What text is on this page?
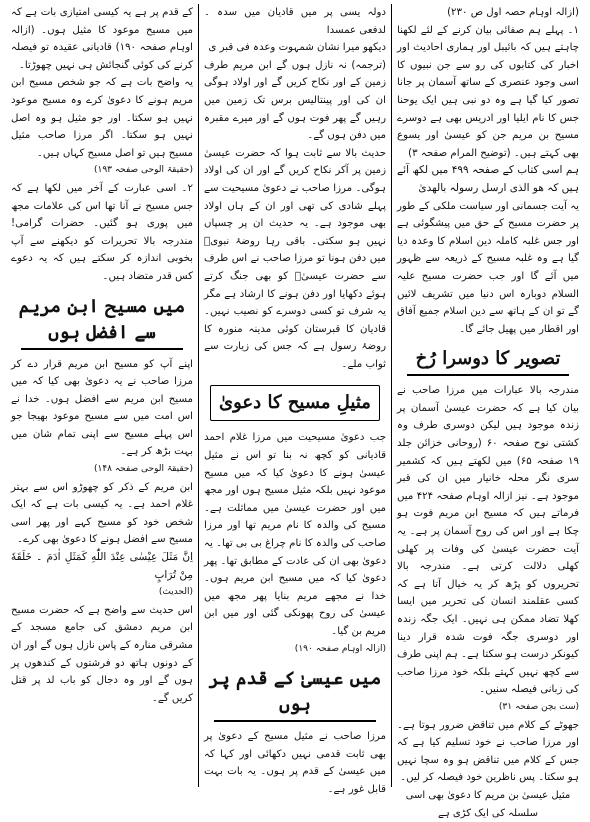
(ازالہ اوہام حصہ اول ص ۲۳۰)

۱۔ پہلے ہم صفائی بیان کرنے کے لئے لکھنا چاہتے ہیں کہ بائیبل اور ہماری احادیث اور اخبار کی کتابوں کی رو سے جن نبیوں کا اسی وجود عنصری کے ساتھ آسمان پر جانا تصور کیا گیا ہے وہ دو نبی ہیں ایک یوحنا جس کا نام ایلیا اور ادریس بھی ہے دوسرے مسیح بن مریم جن کو عیسیٰ اور یسوع بھی کہتے ہیں۔ (توضیح المرام صفحہ ۳)

ہم اسی کتاب کے صفحہ ۴۹۹ میں لکھ آئے ہیں کہ ھو الذی ارسل رسولہ بالھدیٰ

یہ آیت جسمانی اور سیاست ملکی کے طور پر حضرت مسیح کے حق میں پیشگوئی ہے اور جس غلبہ کاملہ دین اسلام کا وعدہ دیا گیا ہے وہ غلبہ مسیح کے ذریعہ سے ظہور میں آئے گا اور جب حضرت مسیح علیہ السلام دوبارہ اس دنیا میں تشریف لائیں گے تو ان کے ہاتھ سے دین اسلام جمیع آفاق اور اقطار میں پھیل جائے گا۔

تصویر کا دوسرا رُخ

مندرجہ بالا عبارات میں مرزا صاحب نے بیان کیا ہے کہ حضرت عیسیٰ آسمان پر زندہ موجود ہیں لیکن دوسری طرف وہ کشتی نوح صفحہ ۶۰ (روحانی خزائن جلد ۱۹ صفحہ ۶۵) میں لکھتے ہیں کہ کشمیر سری نگر محلہ خانیار میں ان کی قبر موجود ہے۔ نیز ازالہ اوہام صفحہ ۴۲۴ میں فرماتے ہیں کہ مسیح ابن مریم فوت ہو چکا ہے اور اس کی روح آسمان پر ہے۔ یہ آیت حضرت عیسیٰ کی وفات پر کھلی کھلی دلالت کرتی ہے۔ مندرجہ بالا تحریروں کو پڑھ کر یہ خیال آتا ہے کہ کسی عقلمند انسان کی تحریر میں ایسا کھلا تضاد ممکن ہی نہیں۔ ایک جگہ زندہ اور دوسری جگہ فوت شدہ قرار دینا کیونکر درست ہو سکتا ہے۔ ہم اپنی طرف سے کچھ نہیں کہتے بلکہ خود مرزا صاحب کی زبانی فیصلہ سنیں۔

(ست بچن صفحہ ۳۱)

جھوٹے کے کلام میں تناقض ضرور ہوتا ہے۔ اور مرزا صاحب نے خود تسلیم کیا ہے کہ جس کے کلام میں تناقض ہو وہ سچا نہیں ہو سکتا۔ پس ناظرین خود فیصلہ کر لیں۔

مثیل عیسیٰ بن مریم کا دعویٰ بھی اسی سلسلہ کی ایک کڑی ہے

دولہ یسی پر میں قادیان میں سدہ ۔ لدفعی عمسدا

دیکھو میرا نشان شمہوت وعدہ فی قبر ی

(ترجمہ) نہ نازل ہوں گے ابن مریم طرف زمین کے اور نکاح کریں گے اور اولاد ہوگی ان کی اور پینتالیس برس تک زمین میں رہیں گے پھر فوت ہوں گے اور میرے مقبرہ میں دفن ہوں گے۔

حدیث بالا سے ثابت ہوا کہ حضرت عیسیٰ زمین پر آکر نکاح کریں گے اور ان کی اولاد ہوگی۔ مرزا صاحب نے دعویٰ مسیحیت سے پہلے شادی کی تھی اور ان کے ہاں اولاد بھی موجود ہے۔ یہ حدیث ان پر چسپاں نہیں ہو سکتی۔ باقی رہا روضۂ نبویؐ میں دفن ہونا تو مرزا صاحب نے اس طرف سے حضرت عیسیٰؑ کو بھی جنگ کرتے ہوئے دکھایا اور دفن ہونے کا ارشاد ہے مگر یہ شرف تو کسی دوسرے کو نصیب نہیں۔ قادیان کا قبرستان کوئی مدینہ منورہ کا روضۂ رسول ہے کہ جس کی زیارت سے ثواب ملے۔

مثیلِ مسیح کا دعویٰ

جب دعویٰ مسیحیت میں مرزا غلام احمد قادیانی کو کچھ نہ بنا تو اس نے مثیل عیسیٰ ہونے کا دعویٰ کیا کہ میں مسیح موعود نہیں بلکہ مثیل مسیح ہوں اور مجھ میں اور حضرت عیسیٰ میں مماثلت ہے۔ مسیح کی والدہ کا نام مریم تھا اور مرزا صاحب کی والدہ کا نام چراغ بی بی تھا۔ یہ دعویٰ بھی ان کی عادت کے مطابق تھا۔ پھر دعویٰ کیا کہ میں مسیح ابن مریم ہوں۔ خدا نے مجھے مریم بنایا پھر مجھ میں عیسیٰ کی روح پھونکی گئی اور میں ابن مریم بن گیا۔

(ازالہ اوہام صفحہ ۱۹۰)

میں عیسیٰ کے قدم پر ہوں

مرزا صاحب نے مثیل مسیح کے دعویٰ پر بھی ثابت قدمی نہیں دکھائی اور کہا کہ میں عیسیٰ کے قدم پر ہوں۔ یہ بات بہت قابل غور ہے۔

کے قدم پر ہے یہ کیسی امتیازی بات ہے کہ میں مسیح موعود کا مثیل ہوں۔ (ازالہ اوہام صفحہ ۱۹۰) قادیانی عقیدہ تو فیصلہ کرنے کی کوئی گنجائش ہی نہیں چھوڑتا۔

یہ واضح بات ہے کہ جو شخص مسیح ابن مریم ہونے کا دعویٰ کرے وہ مسیح موعود نہیں ہو سکتا۔ اور جو مثیل ہو وہ اصل نہیں ہو سکتا۔ اگر مرزا صاحب مثیل مسیح ہیں تو اصل مسیح کہاں ہیں۔

(حقیقۃ الوحی صفحہ ۱۹۳)

۲۔ اسی عبارت کے آخر میں لکھا ہے کہ جس مسیح نے آنا تھا اس کی علامات مجھ میں پوری ہو گئیں۔ حضرات گرامی! مندرجہ بالا تحریرات کو دیکھنے سے آپ بخوبی اندازہ کر سکتے ہیں کہ یہ دعوے کس قدر متضاد ہیں۔

میں مسیح ابن مریم سے افضل ہوں

اپنے آپ کو مسیح ابن مریم قرار دے کر مرزا صاحب نے یہ دعویٰ بھی کیا کہ میں مسیح ابن مریم سے افضل ہوں۔ خدا نے اس امت میں سے مسیح موعود بھیجا جو اس پہلے مسیح سے اپنی تمام شان میں بہت بڑھ کر ہے۔

(حقیقۃ الوحی صفحہ ۱۴۸)

ابن مریم کے ذکر کو چھوڑو اس سے بہتر غلام احمد ہے۔ یہ کیسی بات ہے کہ ایک شخص خود کو مسیح کہے اور پھر اسی مسیح سے افضل ہونے کا دعویٰ بھی کرے۔

اِنَّ مَثَلَ عِيْسٰى عِنْدَ اللّٰهِ كَمَثَلِ اٰدَمَ ۔ خَلَقَهٗ مِنْ تُرَابٍ

(الحدیث)

اس حدیث سے واضح ہے کہ حضرت مسیح ابن مریم دمشق کی جامع مسجد کے مشرقی منارہ کے پاس نازل ہوں گے اور ان کے دونوں ہاتھ دو فرشتوں کے کندھوں پر ہوں گے اور وہ دجال کو باب لد پر قتل کریں گے۔
